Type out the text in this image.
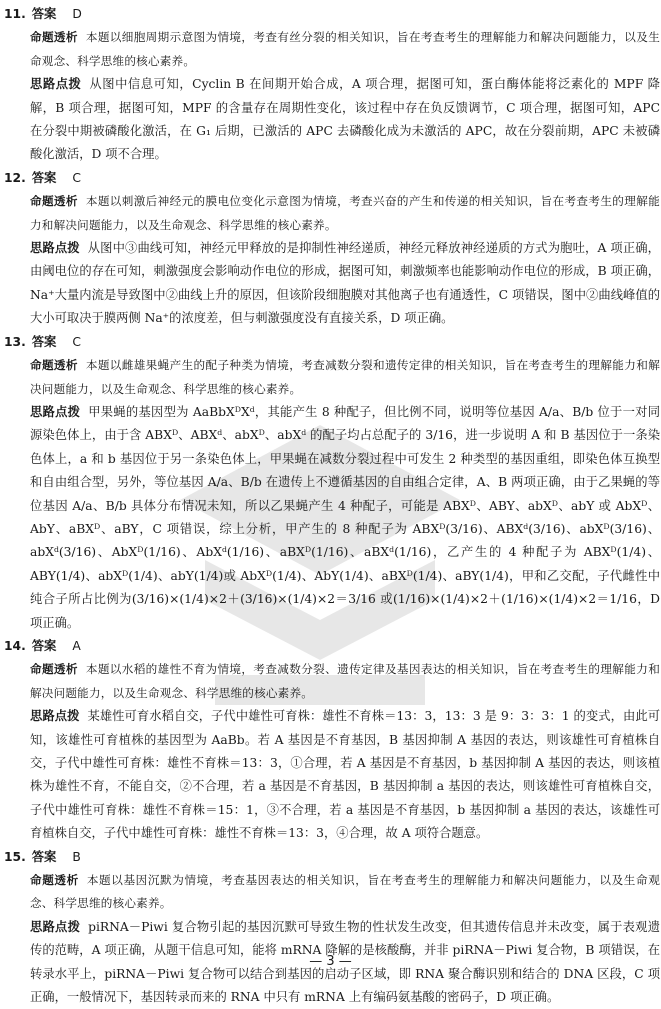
11. 答案 D

命题透析 本题以细胞周期示意图为情境，考查有丝分裂的相关知识，旨在考查考生的理解能力和解决问题能力，以及生命观念、科学思维的核心素养。

思路点拨 从图中信息可知，Cyclin B 在间期开始合成，A 项合理，据图可知，蛋白酶体能将泛素化的 MPF 降解，B 项合理，据图可知，MPF 的含量存在周期性变化，该过程中存在负反馈调节，C 项合理，据图可知，APC 在分裂中期被磷酸化激活，在 G₁ 后期，已激活的 APC 去磷酸化成为未激活的 APC，故在分裂前期，APC 未被磷酸化激活，D 项不合理。

12. 答案 C

命题透析 本题以刺激后神经元的膜电位变化示意图为情境，考查兴奋的产生和传递的相关知识，旨在考查考生的理解能力和解决问题能力，以及生命观念、科学思维的核心素养。

思路点拨 从图中③曲线可知，神经元甲释放的是抑制性神经递质，神经元释放神经递质的方式为胞吐，A 项正确，由阈电位的存在可知，刺激强度会影响动作电位的形成，据图可知，刺激频率也能影响动作电位的形成，B 项正确，Na⁺大量内流是导致图中②曲线上升的原因，但该阶段细胞膜对其他离子也有通透性，C 项错误，图中②曲线峰值的大小可取决于膜两侧 Na⁺的浓度差，但与刺激强度没有直接关系，D 项正确。

13. 答案 C

命题透析 本题以雌雄果蝇产生的配子种类为情境，考查减数分裂和遗传定律的相关知识，旨在考查考生的理解能力和解决问题能力，以及生命观念、科学思维的核心素养。

思路点拨 甲果蝇的基因型为 AaBbXᴰXᵈ，其能产生 8 种配子，但比例不同，说明等位基因 A/a、B/b 位于一对同源染色体上，由于含 ABXᴰ、ABXᵈ、abXᴰ、abXᵈ 的配子均占总配子的 3/16，进一步说明 A 和 B 基因位于一条染色体上，a 和 b 基因位于另一条染色体上，甲果蝇在减数分裂过程中可发生 2 种类型的基因重组，即染色体互换型和自由组合型，另外，等位基因 A/a、B/b 在遗传上不遵循基因的自由组合定律，A、B 两项正确，由于乙果蝇的等位基因 A/a、B/b 具体分布情况未知，所以乙果蝇产生 4 种配子，可能是 ABXᴰ、ABY、abXᴰ、abY 或 AbXᴰ、AbY、aBXᴰ、aBY，C 项错误，综上分析，甲产生的 8 种配子为 ABXᴰ(3/16)、ABXᵈ(3/16)、abXᴰ(3/16)、abXᵈ(3/16)、AbXᴰ(1/16)、AbXᵈ(1/16)、aBXᴰ(1/16)、aBXᵈ(1/16)，乙产生的 4 种配子为 ABXᴰ(1/4)、ABY(1/4)、abXᴰ(1/4)、abY(1/4)或 AbXᴰ(1/4)、AbY(1/4)、aBXᴰ(1/4)、aBY(1/4)，甲和乙交配，子代雌性中纯合子所占比例为(3/16)×(1/4)×2＋(3/16)×(1/4)×2＝3/16 或(1/16)×(1/4)×2＋(1/16)×(1/4)×2＝1/16，D 项正确。

14. 答案 A

命题透析 本题以水稻的雄性不育为情境，考查减数分裂、遗传定律及基因表达的相关知识，旨在考查考生的理解能力和解决问题能力，以及生命观念、科学思维的核心素养。

思路点拨 某雄性可育水稻自交，子代中雄性可育株：雄性不育株＝13：3，13：3 是 9：3：3：1 的变式，由此可知，该雄性可育植株的基因型为 AaBb。若 A 基因是不育基因，B 基因抑制 A 基因的表达，则该雄性可育植株自交，子代中雄性可育株：雄性不育株＝13：3，①合理，若 A 基因是不育基因，b 基因抑制 A 基因的表达，则该植株为雄性不育，不能自交，②不合理，若 a 基因是不育基因，B 基因抑制 a 基因的表达，则该雄性可育植株自交，子代中雄性可育株：雄性不育株＝15：1，③不合理，若 a 基因是不育基因，b 基因抑制 a 基因的表达，该雄性可育植株自交，子代中雄性可育株：雄性不育株＝13：3，④合理，故 A 项符合题意。

15. 答案 B

命题透析 本题以基因沉默为情境，考查基因表达的相关知识，旨在考查考生的理解能力和解决问题能力，以及生命观念、科学思维的核心素养。

思路点拨 piRNA－Piwi 复合物引起的基因沉默可导致生物的性状发生改变，但其遗传信息并未改变，属于表观遗传的范畴，A 项正确，从题干信息可知，能将 mRNA 降解的是核酸酶，并非 piRNA－Piwi 复合物，B 项错误，在转录水平上，piRNA－Piwi 复合物可以结合到基因的启动子区域，即 RNA 聚合酶识别和结合的 DNA 区段，C 项正确，一般情况下，基因转录而来的 RNA 中只有 mRNA 上有编码氨基酸的密码子，D 项正确。

— 3 —
